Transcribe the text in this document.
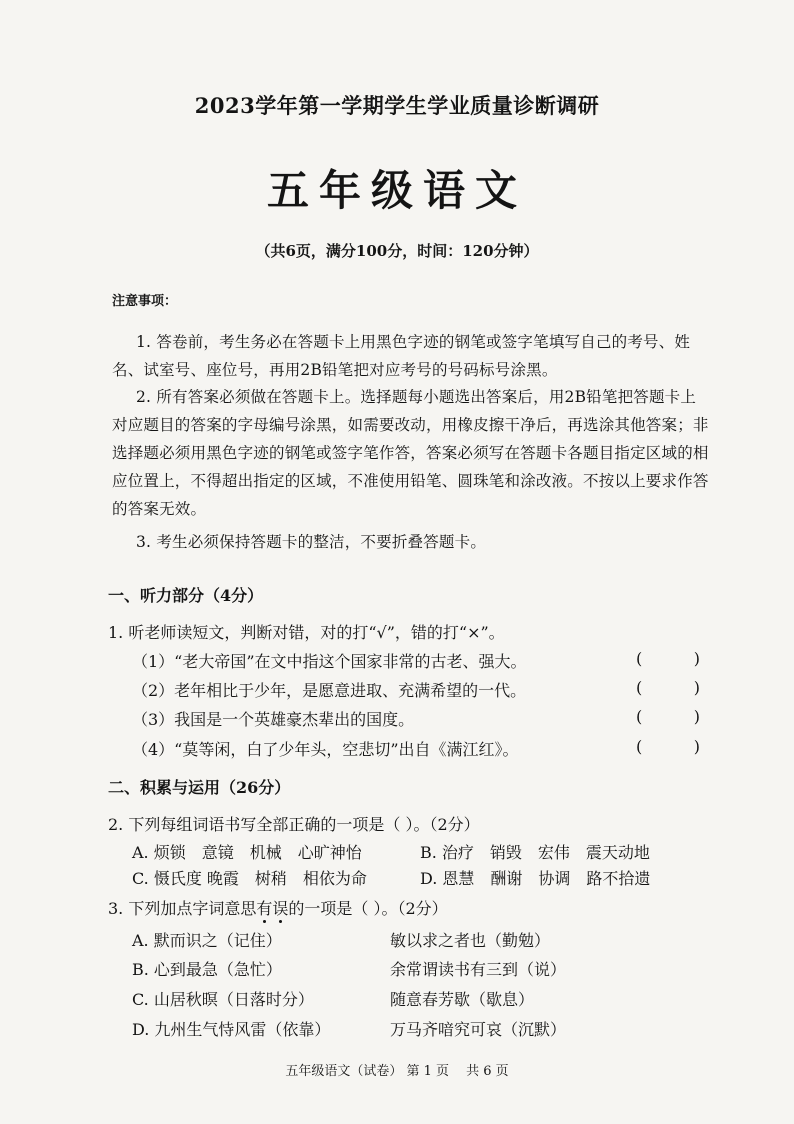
2023学年第一学期学生学业质量诊断调研
五年级语文
（共6页，满分100分，时间：120分钟）
注意事项：
1. 答卷前，考生务必在答题卡上用黑色字迹的钢笔或签字笔填写自己的考号、姓
名、试室号、座位号，再用2B铅笔把对应考号的号码标号涂黑。
2. 所有答案必须做在答题卡上。选择题每小题选出答案后，用2B铅笔把答题卡上
对应题目的答案的字母编号涂黑，如需要改动，用橡皮擦干净后，再选涂其他答案；非
选择题必须用黑色字迹的钢笔或签字笔作答，答案必须写在答题卡各题目指定区域的相
应位置上，不得超出指定的区域，不准使用铅笔、圆珠笔和涂改液。不按以上要求作答
的答案无效。
3. 考生必须保持答题卡的整洁，不要折叠答题卡。
一、听力部分（4分）
1. 听老师读短文，判断对错，对的打“√”，错的打“×”。
（1）“老大帝国”在文中指这个国家非常的古老、强大。	(	)
（2）老年相比于少年，是愿意进取、充满希望的一代。	(	)
（3）我国是一个英雄豪杰辈出的国度。	(	)
（4）“莫等闲，白了少年头，空悲切”出自《满江红》。	(	)
二、积累与运用（26分）
2. 下列每组词语书写全部正确的一项是（ ）。（2分）
A. 烦锁　意镜　机械　心旷神怡	B. 治疗　销毁　宏伟　震天动地
C. 慑氏度 晚霞　树稍　相依为命	D. 恩慧　酬谢　协调　路不拾遗
3. 下列加点字词意思有误的一项是（ ）。（2分）
A. 默而识之（记住）	敏以求之者也（勤勉）
B. 心到最急（急忙）	余常谓读书有三到（说）
C. 山居秋暝（日落时分）	随意春芳歇（歇息）
D. 九州生气恃风雷（依靠）	万马齐喑究可哀（沉默）
五年级语文（试卷） 第 1 页　 共 6 页
